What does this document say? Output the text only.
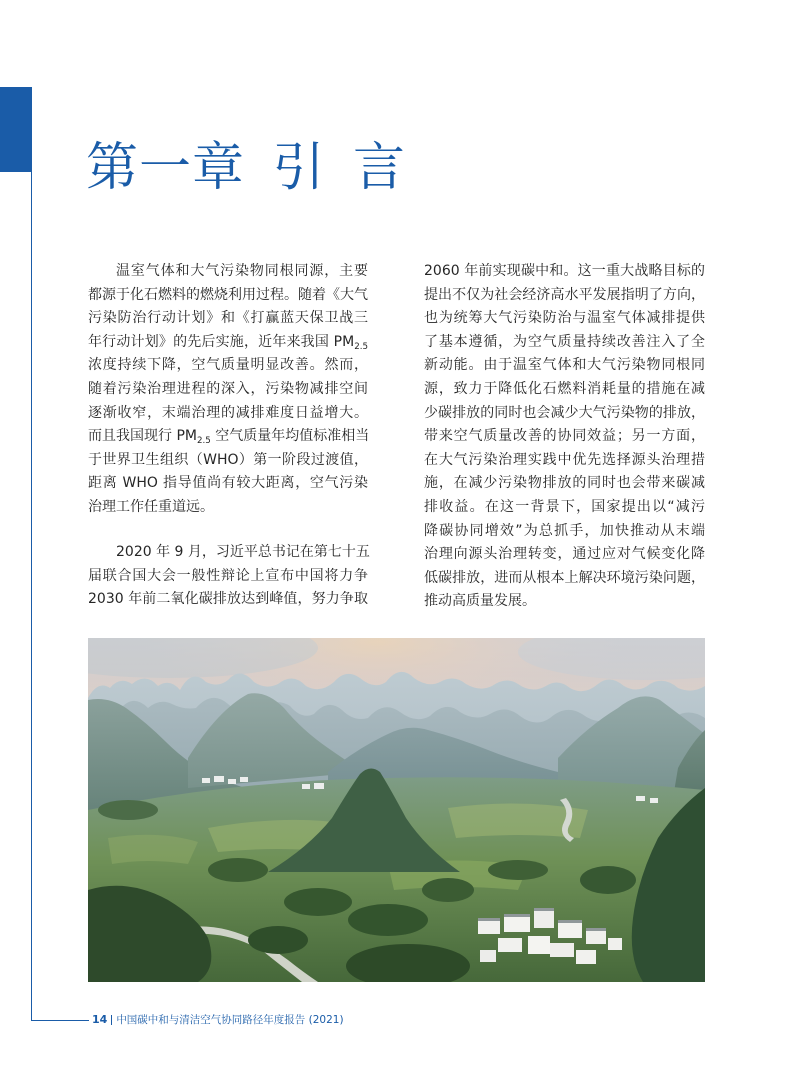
第一章 引 言
温室气体和大气污染物同根同源，主要
都源于化石燃料的燃烧利用过程。随着《大气
污染防治行动计划》和《打赢蓝天保卫战三
年行动计划》的先后实施，近年来我国 $PM_{2.5}$
浓度持续下降，空气质量明显改善。然而，
随着污染治理进程的深入，污染物减排空间
逐渐收窄，末端治理的减排难度日益增大。
而且我国现行 $PM_{2.5}$ 空气质量年均值标准相当
于世界卫生组织（WHO）第一阶段过渡值，
距离 WHO 指导值尚有较大距离，空气污染
治理工作任重道远。
2020 年 9 月，习近平总书记在第七十五
届联合国大会一般性辩论上宣布中国将力争
2030 年前二氧化碳排放达到峰值，努力争取
2060 年前实现碳中和。这一重大战略目标的
提出不仅为社会经济高水平发展指明了方向，
也为统筹大气污染防治与温室气体减排提供
了基本遵循，为空气质量持续改善注入了全
新动能。由于温室气体和大气污染物同根同
源，致力于降低化石燃料消耗量的措施在减
少碳排放的同时也会减少大气污染物的排放，
带来空气质量改善的协同效益；另一方面，
在大气污染治理实践中优先选择源头治理措
施，在减少污染物排放的同时也会带来碳减
排收益。在这一背景下，国家提出以“减污
降碳协同增效”为总抓手，加快推动从末端
治理向源头治理转变，通过应对气候变化降
低碳排放，进而从根本上解决环境污染问题，
推动高质量发展。
14 中国碳中和与清洁空气协同路径年度报告 (2021)
